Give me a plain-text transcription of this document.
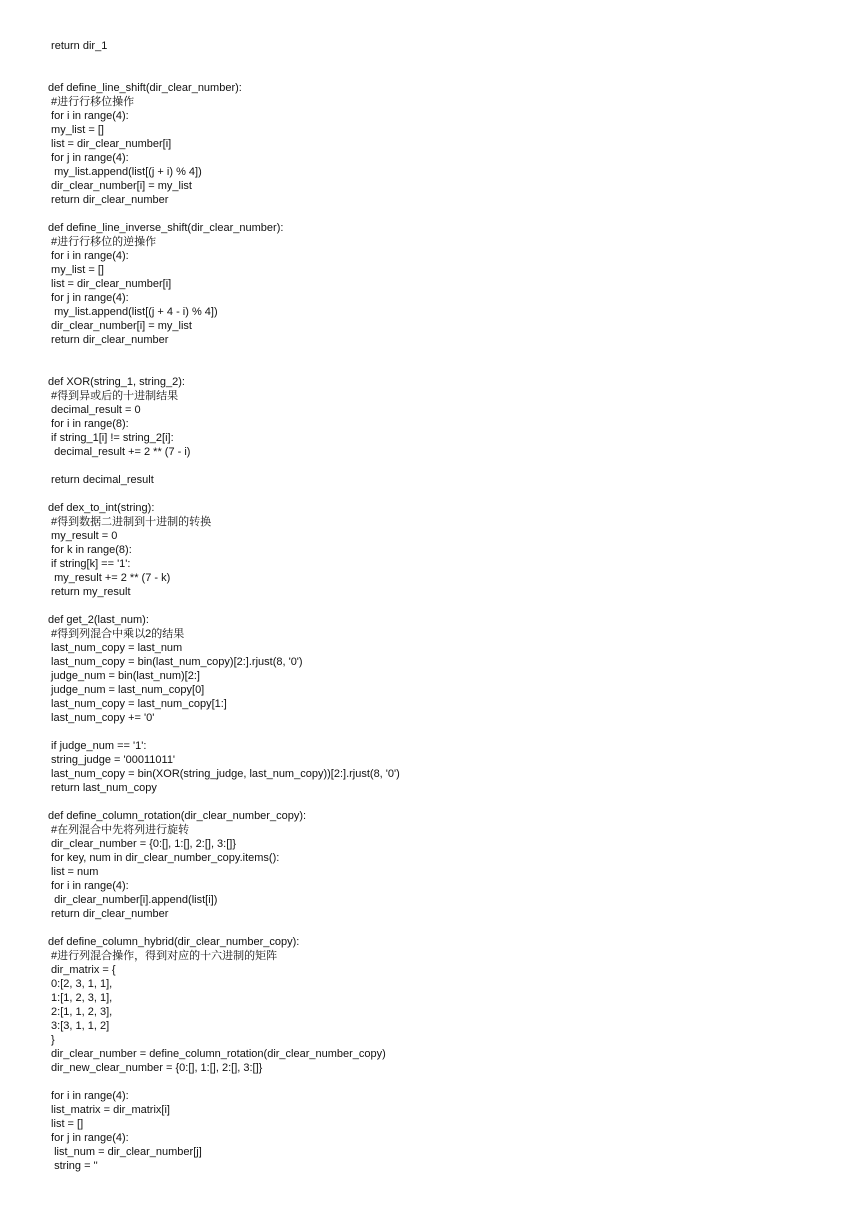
return dir_1
def define_line_shift(dir_clear_number):
#进行行移位操作
for i in range(4):
my_list = []
list = dir_clear_number[i]
for j in range(4):
my_list.append(list[(j + i) % 4])
dir_clear_number[i] = my_list
return dir_clear_number
def define_line_inverse_shift(dir_clear_number):
#进行行移位的逆操作
for i in range(4):
my_list = []
list = dir_clear_number[i]
for j in range(4):
my_list.append(list[(j + 4 - i) % 4])
dir_clear_number[i] = my_list
return dir_clear_number
def XOR(string_1, string_2):
#得到异或后的十进制结果
decimal_result = 0
for i in range(8):
if string_1[i] != string_2[i]:
decimal_result += 2 ** (7 - i)
return decimal_result
def dex_to_int(string):
#得到数据二进制到十进制的转换
my_result = 0
for k in range(8):
if string[k] == '1':
my_result += 2 ** (7 - k)
return my_result
def get_2(last_num):
#得到列混合中乘以2的结果
last_num_copy = last_num
last_num_copy = bin(last_num_copy)[2:].rjust(8, '0')
judge_num = bin(last_num)[2:]
judge_num = last_num_copy[0]
last_num_copy = last_num_copy[1:]
last_num_copy += '0'
if judge_num == '1':
string_judge = '00011011'
last_num_copy = bin(XOR(string_judge, last_num_copy))[2:].rjust(8, '0')
return last_num_copy
def define_column_rotation(dir_clear_number_copy):
#在列混合中先将列进行旋转
dir_clear_number = {0:[], 1:[], 2:[], 3:[]}
for key, num in dir_clear_number_copy.items():
list = num
for i in range(4):
dir_clear_number[i].append(list[i])
return dir_clear_number
def define_column_hybrid(dir_clear_number_copy):
#进行列混合操作，得到对应的十六进制的矩阵
dir_matrix = {
0:[2, 3, 1, 1],
1:[1, 2, 3, 1],
2:[1, 1, 2, 3],
3:[3, 1, 1, 2]
}
dir_clear_number = define_column_rotation(dir_clear_number_copy)
dir_new_clear_number = {0:[], 1:[], 2:[], 3:[]}
for i in range(4):
list_matrix = dir_matrix[i]
list = []
for j in range(4):
list_num = dir_clear_number[j]
string = ''
